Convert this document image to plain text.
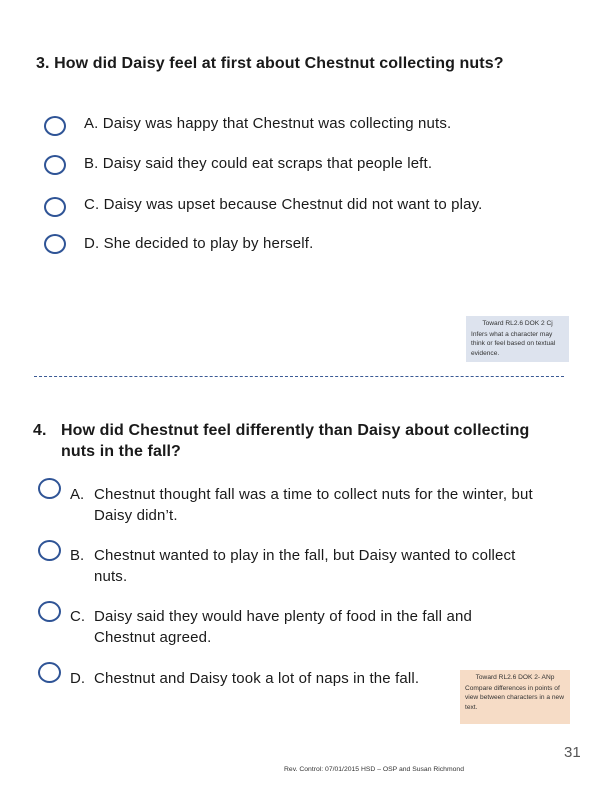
3. How did Daisy feel at first about Chestnut collecting nuts?
A. Daisy was happy that Chestnut was collecting nuts.
B. Daisy said they could eat scraps that people left.
C. Daisy was upset because Chestnut did not want to play.
D. She decided to play by herself.
Toward RL2.6 DOK 2 Cj
Infers what a character may think or feel based on textual evidence.
4. How did Chestnut feel differently than Daisy about collecting
nuts in the fall?
A. Chestnut thought fall was a time to collect nuts for the winter, but
Daisy didn’t.
B. Chestnut wanted to play in the fall, but Daisy wanted to collect
nuts.
C. Daisy said they would have plenty of food in the fall and
Chestnut agreed.
D. Chestnut and Daisy took a lot of naps in the fall.	Toward RL2.6 DOK 2- ANp
Compare differences in points of view between characters in a new text.
31
Rev. Control: 07/01/2015 HSD – OSP and Susan Richmond
